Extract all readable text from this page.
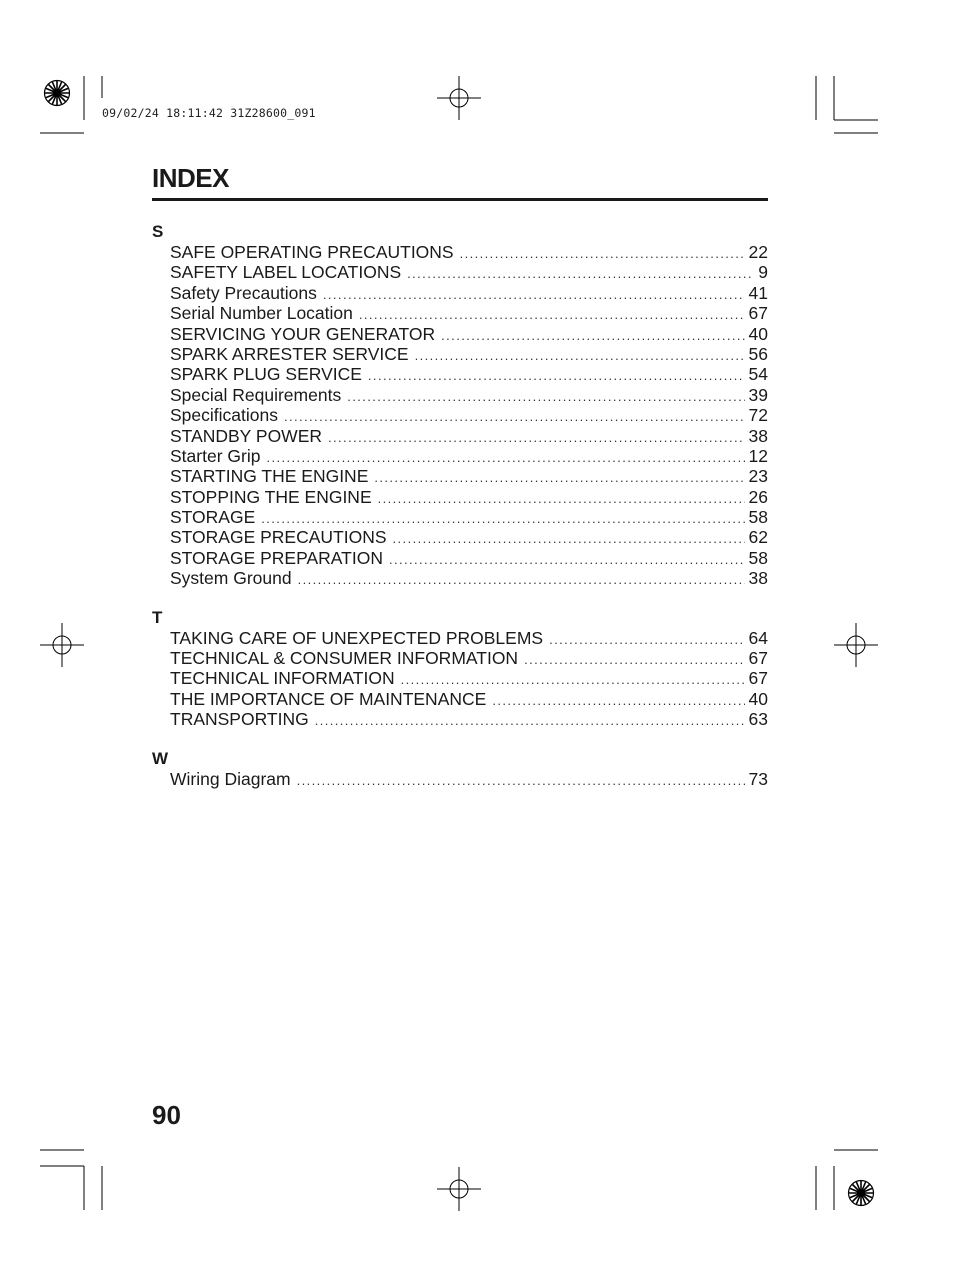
09/02/24 18:11:42 31Z28600_091
INDEX
S
SAFE OPERATING PRECAUTIONS .....	22
SAFETY LABEL LOCATIONS .....	9
Safety Precautions .....	41
Serial Number Location .....	67
SERVICING YOUR GENERATOR .....	40
SPARK ARRESTER SERVICE .....	56
SPARK PLUG SERVICE .....	54
Special Requirements .....	39
Specifications .....	72
STANDBY POWER .....	38
Starter Grip .....	12
STARTING THE ENGINE .....	23
STOPPING THE ENGINE .....	26
STORAGE .....	58
STORAGE PRECAUTIONS .....	62
STORAGE PREPARATION .....	58
System Ground .....	38
T
TAKING CARE OF UNEXPECTED PROBLEMS .....	64
TECHNICAL & CONSUMER INFORMATION .....	67
TECHNICAL INFORMATION .....	67
THE IMPORTANCE OF MAINTENANCE .....	40
TRANSPORTING .....	63
W
Wiring Diagram .....	73
90
